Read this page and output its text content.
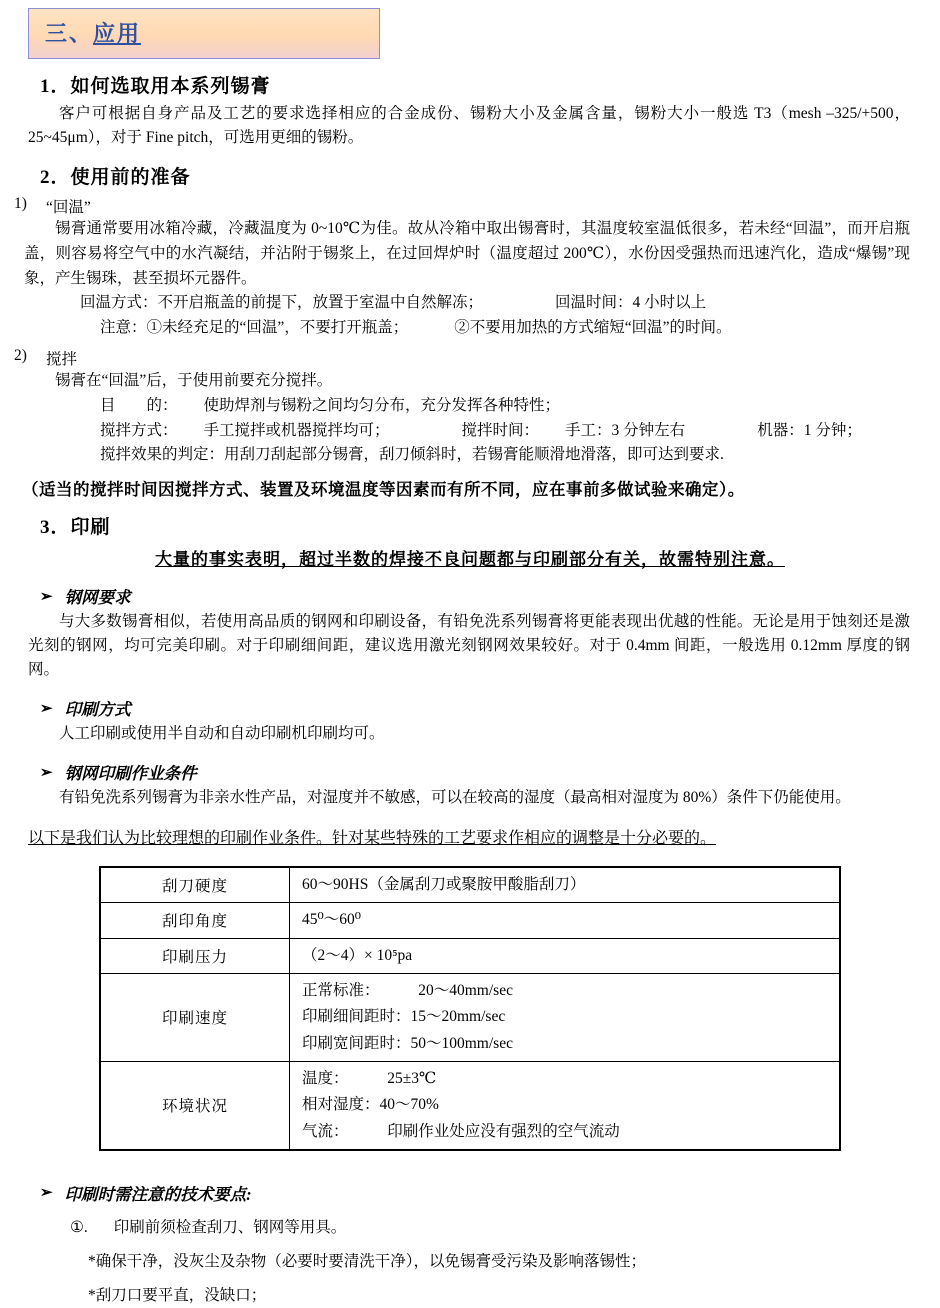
三、应用
1．如何选取用本系列锡膏

客户可根据自身产品及工艺的要求选择相应的合金成份、锡粉大小及金属含量，锡粉大小一般选 T3（mesh –325/+500，25~45μm），对于 Fine pitch，可选用更细的锡粉。

2．使用前的准备
1) “回温”
锡膏通常要用冰箱冷藏，冷藏温度为 0~10℃为佳。故从冷箱中取出锡膏时，其温度较室温低很多，若未经“回温”，而开启瓶盖，则容易将空气中的水汽凝结，并沾附于锡浆上，在过回焊炉时（温度超过 200℃），水份因受强热而迅速汽化，造成“爆锡”现象，产生锡珠，甚至损坏元器件。
回温方式：不开启瓶盖的前提下，放置于室温中自然解冻；	回温时间：4 小时以上
注意：①未经充足的“回温”，不要打开瓶盖；	②不要用加热的方式缩短“回温”的时间。
2) 搅拌
锡膏在“回温”后，于使用前要充分搅拌。
目　　的： 使助焊剂与锡粉之间均匀分布，充分发挥各种特性；
搅拌方式： 手工搅拌或机器搅拌均可；	搅拌时间： 手工：3 分钟左右	机器：1 分钟；
搅拌效果的判定：用刮刀刮起部分锡膏，刮刀倾斜时，若锡膏能顺滑地滑落，即可达到要求.
（适当的搅拌时间因搅拌方式、装置及环境温度等因素而有所不同，应在事前多做试验来确定）。
3．印刷
大量的事实表明，超过半数的焊接不良问题都与印刷部分有关，故需特别注意。
➢ 钢网要求

与大多数锡膏相似，若使用高品质的钢网和印刷设备，有铅免洗系列锡膏将更能表现出优越的性能。无论是用于蚀刻还是激光刻的钢网，均可完美印刷。对于印刷细间距，建议选用激光刻钢网效果较好。对于 0.4mm 间距，一般选用 0.12mm 厚度的钢网。

➢ 印刷方式

人工印刷或使用半自动和自动印刷机印刷均可。

➢ 钢网印刷作业条件

有铅免洗系列锡膏为非亲水性产品，对湿度并不敏感，可以在较高的湿度（最高相对湿度为 80%）条件下仍能使用。

以下是我们认为比较理想的印刷作业条件。针对某些特殊的工艺要求作相应的调整是十分必要的。
刮刀硬度	60～90HS（金属刮刀或聚胺甲酸脂刮刀）

刮印角度	45⁰～60⁰

印刷压力	（2～4）× 10⁵pa

印刷速度	正常标准：　　　20～40mm/sec
印刷细间距时：15～20mm/sec
印刷宽间距时：50～100mm/sec

环境状况	温度：　　　25±3℃
相对湿度：40～70%
气流：　　　印刷作业处应没有强烈的空气流动
➢ 印刷时需注意的技术要点:
①. 印刷前须检查刮刀、钢网等用具。
*确保干净，没灰尘及杂物（必要时要清洗干净），以免锡膏受污染及影响落锡性；
*刮刀口要平直，没缺口；
